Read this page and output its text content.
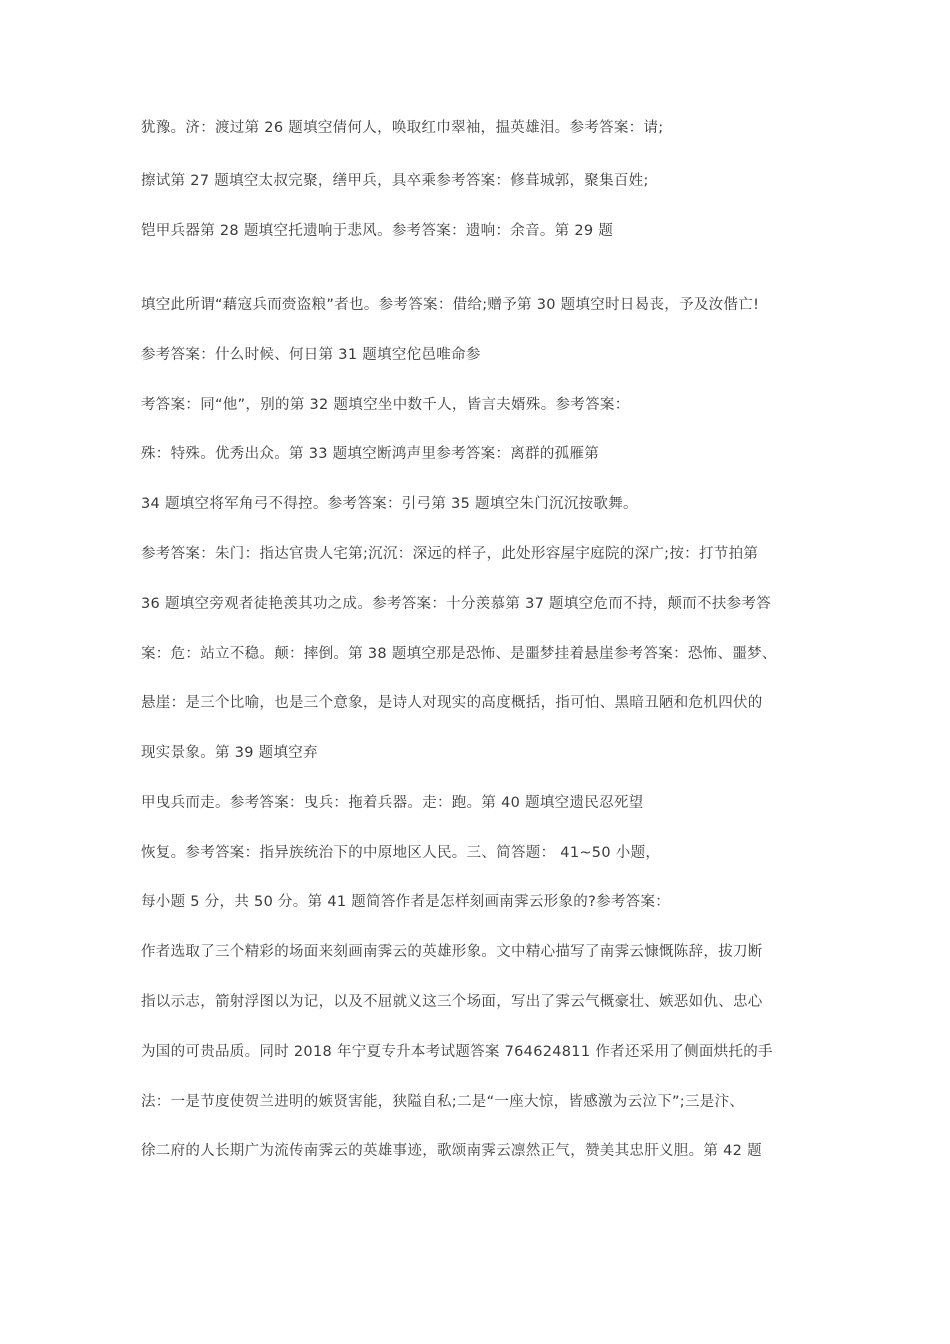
犹豫。济：渡过第 26 题填空倩何人，唤取红巾翠袖，揾英雄泪。参考答案：请;
擦试第 27 题填空太叔完聚，缮甲兵，具卒乘参考答案：修葺城郭，聚集百姓;
铠甲兵器第 28 题填空托遗响于悲风。参考答案：遗响：余音。第 29 题
填空此所谓“藉寇兵而赍盗粮”者也。参考答案：借给;赠予第 30 题填空时日曷丧，予及汝偕亡!
参考答案：什么时候、何日第 31 题填空佗邑唯命参
考答案：同“他”，别的第 32 题填空坐中数千人，皆言夫婿殊。参考答案：
殊：特殊。优秀出众。第 33 题填空断鸿声里参考答案：离群的孤雁第
34 题填空将军角弓不得控。参考答案：引弓第 35 题填空朱门沉沉按歌舞。
参考答案：朱门：指达官贵人宅第;沉沉：深远的样子，此处形容屋宇庭院的深广;按：打节拍第
36 题填空旁观者徒艳羡其功之成。参考答案：十分羡慕第 37 题填空危而不持，颠而不扶参考答
案：危：站立不稳。颠：摔倒。第 38 题填空那是恐怖、是噩梦挂着悬崖参考答案：恐怖、噩梦、
悬崖：是三个比喻，也是三个意象，是诗人对现实的高度概括，指可怕、黑暗丑陋和危机四伏的
现实景象。第 39 题填空弃
甲曳兵而走。参考答案：曳兵：拖着兵器。走：跑。第 40 题填空遗民忍死望
恢复。参考答案：指异族统治下的中原地区人民。三、简答题： 41~50 小题，
每小题 5 分，共 50 分。第 41 题简答作者是怎样刻画南霁云形象的?参考答案：
作者选取了三个精彩的场面来刻画南霁云的英雄形象。文中精心描写了南霁云慷慨陈辞，拔刀断
指以示志，箭射浮图以为记，以及不屈就义这三个场面，写出了霁云气概豪壮、嫉恶如仇、忠心
为国的可贵品质。同时 2018 年宁夏专升本考试题答案 764624811 作者还采用了侧面烘托的手
法：一是节度使贺兰进明的嫉贤害能，狭隘自私;二是“一座大惊，皆感激为云泣下”;三是汴、
徐二府的人长期广为流传南霁云的英雄事迹，歌颂南霁云凛然正气，赞美其忠肝义胆。第 42 题
